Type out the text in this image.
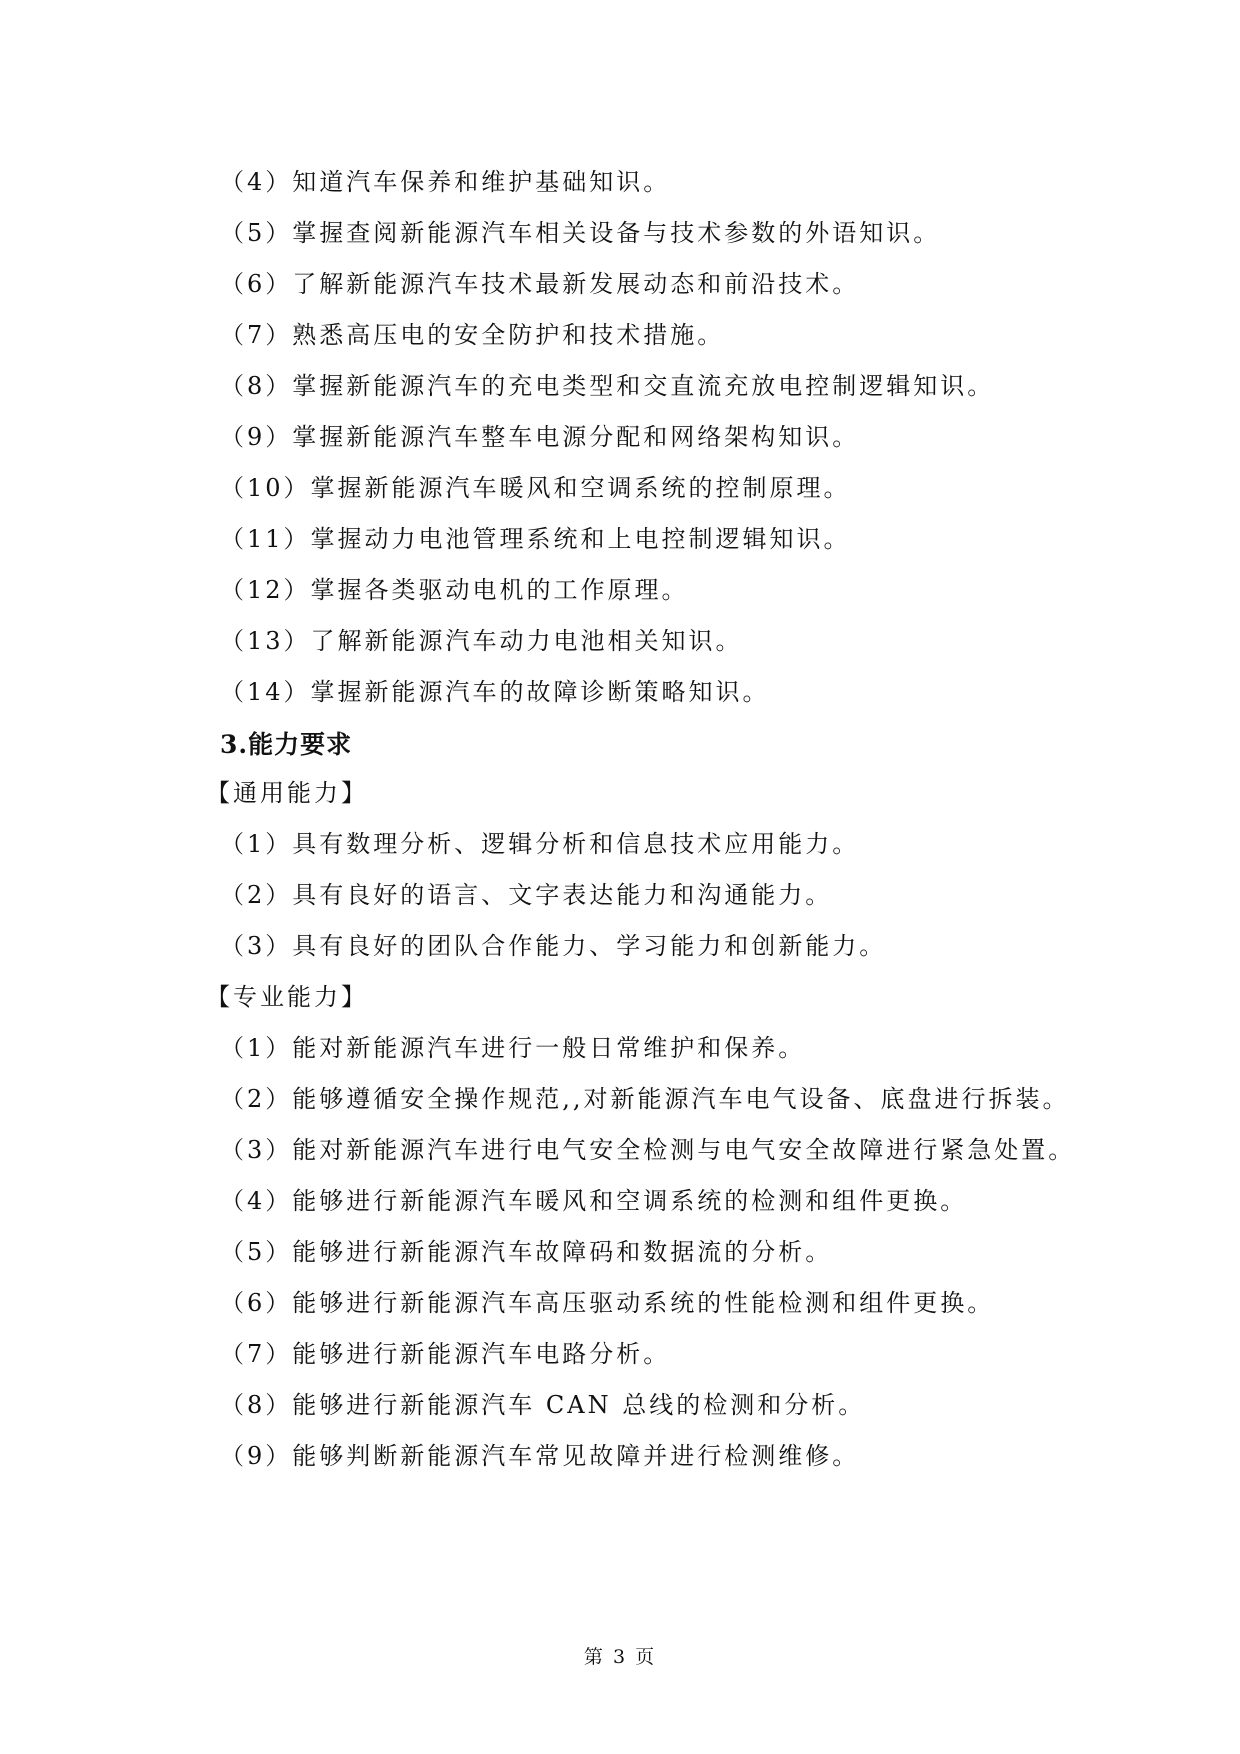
（4）知道汽车保养和维护基础知识。
（5）掌握查阅新能源汽车相关设备与技术参数的外语知识。
（6）了解新能源汽车技术最新发展动态和前沿技术。
（7）熟悉高压电的安全防护和技术措施。
（8）掌握新能源汽车的充电类型和交直流充放电控制逻辑知识。
（9）掌握新能源汽车整车电源分配和网络架构知识。
（10）掌握新能源汽车暖风和空调系统的控制原理。
（11）掌握动力电池管理系统和上电控制逻辑知识。
（12）掌握各类驱动电机的工作原理。
（13）了解新能源汽车动力电池相关知识。
（14）掌握新能源汽车的故障诊断策略知识。
3.能力要求
【通用能力】
（1）具有数理分析、逻辑分析和信息技术应用能力。
（2）具有良好的语言、文字表达能力和沟通能力。
（3）具有良好的团队合作能力、学习能力和创新能力。
【专业能力】
（1）能对新能源汽车进行一般日常维护和保养。
（2）能够遵循安全操作规范,,对新能源汽车电气设备、底盘进行拆装。
（3）能对新能源汽车进行电气安全检测与电气安全故障进行紧急处置。
（4）能够进行新能源汽车暖风和空调系统的检测和组件更换。
（5）能够进行新能源汽车故障码和数据流的分析。
（6）能够进行新能源汽车高压驱动系统的性能检测和组件更换。
（7）能够进行新能源汽车电路分析。
（8）能够进行新能源汽车 CAN 总线的检测和分析。
（9）能够判断新能源汽车常见故障并进行检测维修。
第 3 页
